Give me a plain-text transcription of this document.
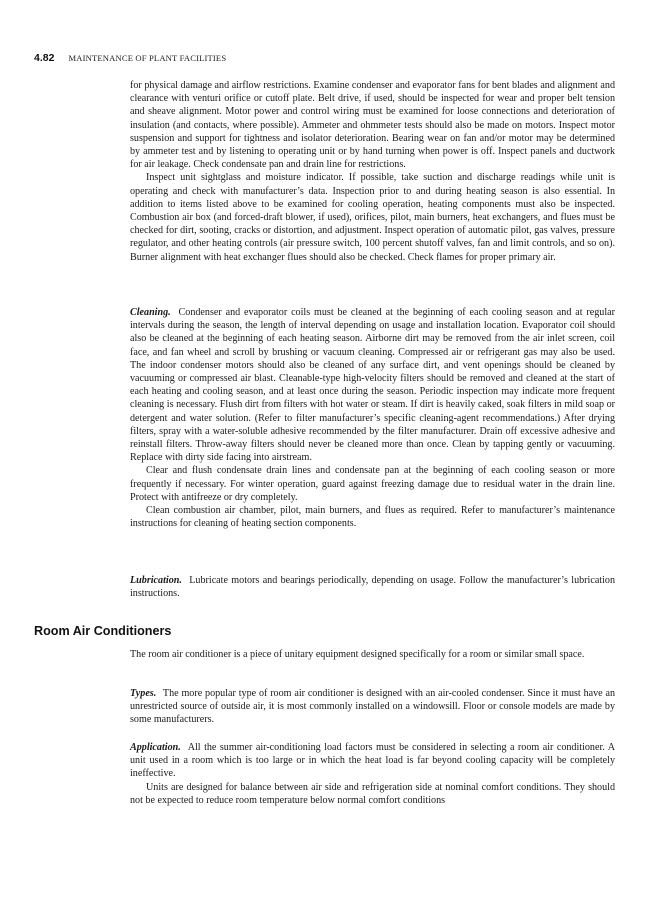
4.82 MAINTENANCE OF PLANT FACILITIES

for physical damage and airflow restrictions. Examine condenser and evaporator fans for bent blades and alignment and clearance with venturi orifice or cutoff plate. Belt drive, if used, should be inspected for wear and proper belt tension and sheave alignment. Motor power and control wiring must be examined for loose connections and deterioration of insulation (and contacts, where possible). Ammeter and ohmmeter tests should also be made on motors. Inspect motor suspension and support for tightness and isolator deterioration. Bearing wear on fan and/or motor may be determined by ammeter test and by listening to operating unit or by hand turning when power is off. Inspect panels and ductwork for air leakage. Check condensate pan and drain line for restrictions.

Inspect unit sightglass and moisture indicator. If possible, take suction and discharge readings while unit is operating and check with manufacturer’s data. Inspection prior to and during heating season is also essential. In addition to items listed above to be examined for cooling operation, heating components must also be inspected. Combustion air box (and forced-draft blower, if used), orifices, pilot, main burners, heat exchangers, and flues must be checked for dirt, sooting, cracks or distortion, and adjustment. Inspect operation of automatic pilot, gas valves, pressure regulator, and other heating controls (air pressure switch, 100 percent shutoff valves, fan and limit controls, and so on). Burner alignment with heat exchanger flues should also be checked. Check flames for proper primary air.

Cleaning. Condenser and evaporator coils must be cleaned at the beginning of each cooling season and at regular intervals during the season, the length of interval depending on usage and installation location. Evaporator coil should also be cleaned at the beginning of each heating season. Airborne dirt may be removed from the air inlet screen, coil face, and fan wheel and scroll by brushing or vacuum cleaning. Compressed air or refrigerant gas may also be used. The indoor condenser motors should also be cleaned of any surface dirt, and vent openings should be cleaned by vacuuming or compressed air blast. Cleanable-type high-velocity filters should be removed and cleaned at the start of each heating and cooling season, and at least once during the season. Periodic inspection may indicate more frequent cleaning is necessary. Flush dirt from filters with hot water or steam. If dirt is heavily caked, soak filters in mild soap or detergent and water solution. (Refer to filter manufacturer’s specific cleaning-agent recommendations.) After drying filters, spray with a water-soluble adhesive recommended by the filter manufacturer. Drain off excessive adhesive and reinstall filters. Throw-away filters should never be cleaned more than once. Clean by tapping gently or vacuuming. Replace with dirty side facing into airstream.

Clear and flush condensate drain lines and condensate pan at the beginning of each cooling season or more frequently if necessary. For winter operation, guard against freezing damage due to residual water in the drain line. Protect with antifreeze or dry completely.

Clean combustion air chamber, pilot, main burners, and flues as required. Refer to manufacturer’s maintenance instructions for cleaning of heating section components.

Lubrication. Lubricate motors and bearings periodically, depending on usage. Follow the manufacturer’s lubrication instructions.

Room Air Conditioners

The room air conditioner is a piece of unitary equipment designed specifically for a room or similar small space.

Types. The more popular type of room air conditioner is designed with an air-cooled condenser. Since it must have an unrestricted source of outside air, it is most commonly installed on a windowsill. Floor or console models are made by some manufacturers.

Application. All the summer air-conditioning load factors must be considered in selecting a room air conditioner. A unit used in a room which is too large or in which the heat load is far beyond cooling capacity will be completely ineffective.

Units are designed for balance between air side and refrigeration side at nominal comfort conditions. They should not be expected to reduce room temperature below normal comfort conditions
